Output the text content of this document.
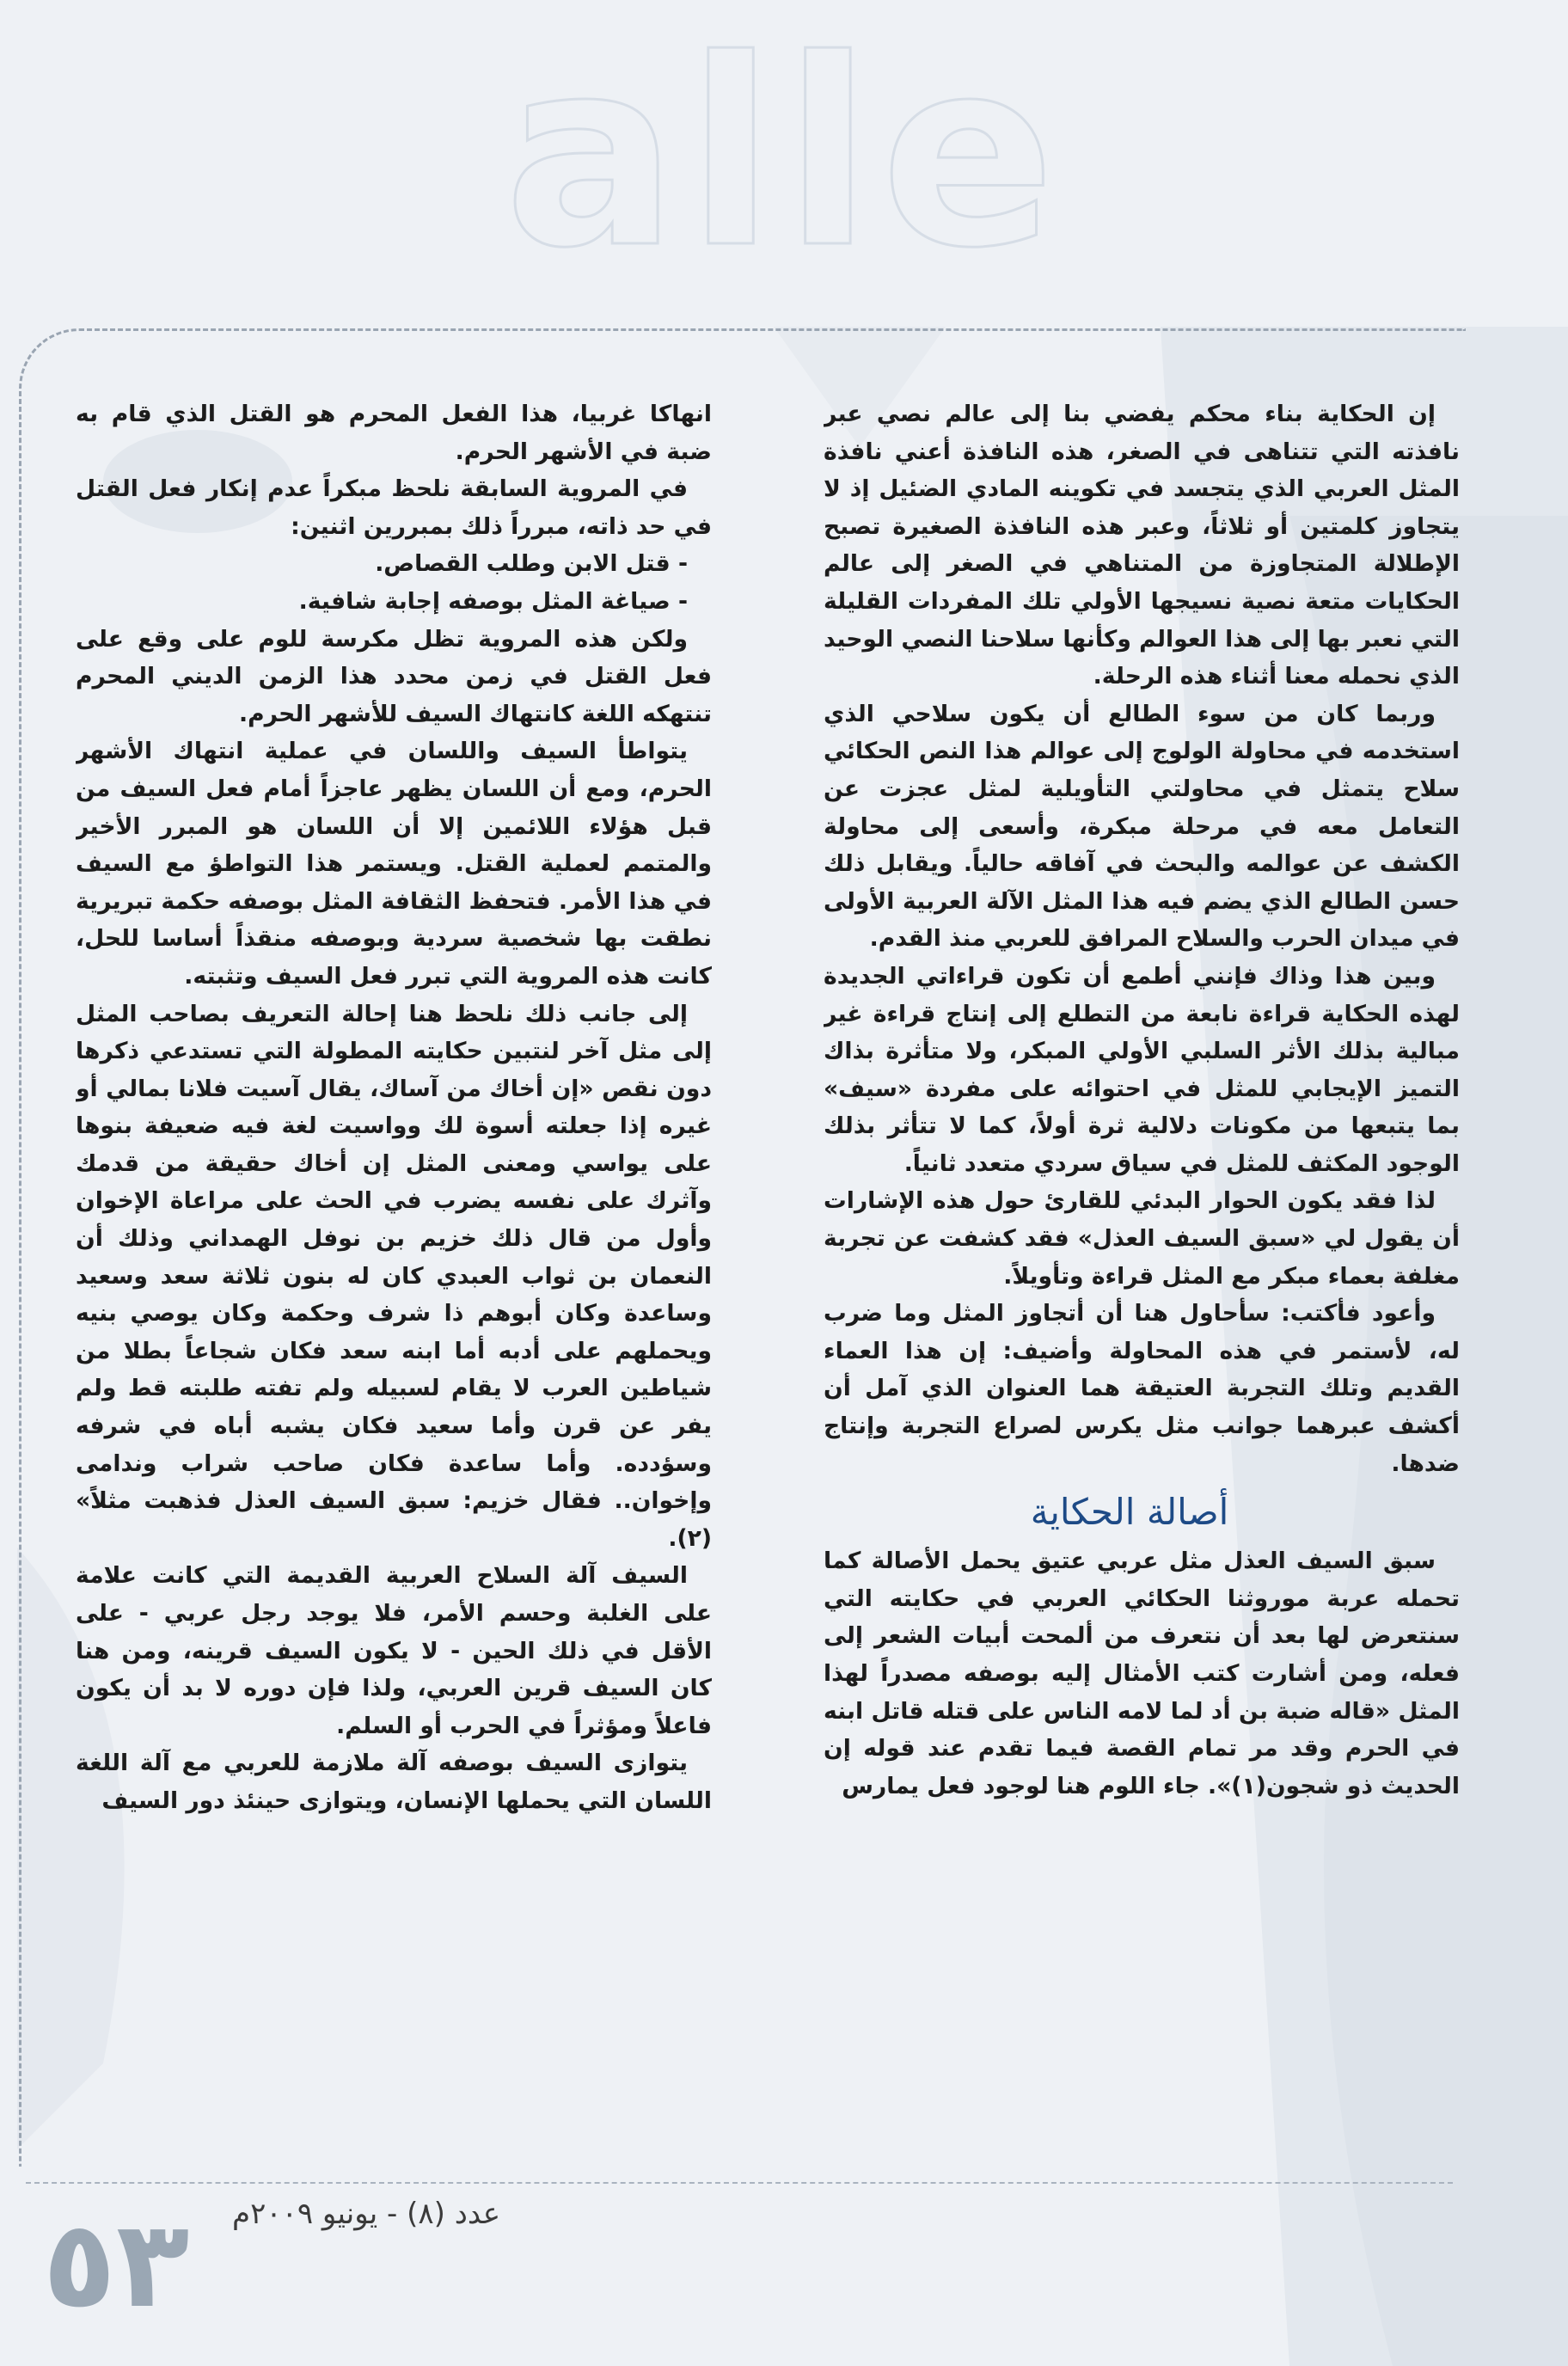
alle

إن الحكاية بناء محكم يفضي بنا إلى عالم نصي عبر نافذته التي تتناهى في الصغر، هذه النافذة أعني نافذة المثل العربي الذي يتجسد في تكوينه المادي الضئيل إذ لا يتجاوز كلمتين أو ثلاثاً، وعبر هذه النافذة الصغيرة تصبح الإطلالة المتجاوزة من المتناهي في الصغر إلى عالم الحكايات متعة نصية نسيجها الأولي تلك المفردات القليلة التي نعبر بها إلى هذا العوالم وكأنها سلاحنا النصي الوحيد الذي نحمله معنا أثناء هذه الرحلة.

وربما كان من سوء الطالع أن يكون سلاحي الذي استخدمه في محاولة الولوج إلى عوالم هذا النص الحكائي سلاح يتمثل في محاولتي التأويلية لمثل عجزت عن التعامل معه في مرحلة مبكرة، وأسعى إلى محاولة الكشف عن عوالمه والبحث في آفاقه حالياً. ويقابل ذلك حسن الطالع الذي يضم فيه هذا المثل الآلة العربية الأولى في ميدان الحرب والسلاح المرافق للعربي منذ القدم.

وبين هذا وذاك فإنني أطمع أن تكون قراءاتي الجديدة لهذه الحكاية قراءة نابعة من التطلع إلى إنتاج قراءة غير مبالية بذلك الأثر السلبي الأولي المبكر، ولا متأثرة بذاك التميز الإيجابي للمثل في احتوائه على مفردة «سيف» بما يتبعها من مكونات دلالية ثرة أولاً، كما لا تتأثر بذلك الوجود المكثف للمثل في سياق سردي متعدد ثانياً.

لذا فقد يكون الحوار البدئي للقارئ حول هذه الإشارات أن يقول لي «سبق السيف العذل» فقد كشفت عن تجربة مغلفة بعماء مبكر مع المثل قراءة وتأويلاً.

وأعود فأكتب: سأحاول هنا أن أتجاوز المثل وما ضرب له، لأستمر في هذه المحاولة وأضيف: إن هذا العماء القديم وتلك التجربة العتيقة هما العنوان الذي آمل أن أكشف عبرهما جوانب مثل يكرس لصراع التجربة وإنتاج ضدها.

أصالة الحكاية

سبق السيف العذل مثل عربي عتيق يحمل الأصالة كما تحمله عربة موروثنا الحكائي العربي في حكايته التي سنتعرض لها بعد أن نتعرف من ألمحت أبيات الشعر إلى فعله، ومن أشارت كتب الأمثال إليه بوصفه مصدراً لهذا المثل «قاله ضبة بن أد لما لامه الناس على قتله قاتل ابنه في الحرم وقد مر تمام القصة فيما تقدم عند قوله إن الحديث ذو شجون(١)». جاء اللوم هنا لوجود فعل يمارس

انهاكا غربيا، هذا الفعل المحرم هو القتل الذي قام به ضبة في الأشهر الحرم.

في المروية السابقة نلحظ مبكراً عدم إنكار فعل القتل في حد ذاته، مبرراً ذلك بمبررين اثنين:

- قتل الابن وطلب القصاص.

- صياغة المثل بوصفه إجابة شافية.

ولكن هذه المروية تظل مكرسة للوم على وقع على فعل القتل في زمن محدد هذا الزمن الديني المحرم تنتهكه اللغة كانتهاك السيف للأشهر الحرم.

يتواطأ السيف واللسان في عملية انتهاك الأشهر الحرم، ومع أن اللسان يظهر عاجزاً أمام فعل السيف من قبل هؤلاء اللائمين إلا أن اللسان هو المبرر الأخير والمتمم لعملية القتل. ويستمر هذا التواطؤ مع السيف في هذا الأمر. فتحفظ الثقافة المثل بوصفه حكمة تبريرية نطقت بها شخصية سردية وبوصفه منقذاً أساسا للحل، كانت هذه المروية التي تبرر فعل السيف وتثبته.

إلى جانب ذلك نلحظ هنا إحالة التعريف بصاحب المثل إلى مثل آخر لنتبين حكايته المطولة التي تستدعي ذكرها دون نقص «إن أخاك من آساك، يقال آسيت فلانا بمالي أو غيره إذا جعلته أسوة لك وواسيت لغة فيه ضعيفة بنوها على يواسي ومعنى المثل إن أخاك حقيقة من قدمك وآثرك على نفسه يضرب في الحث على مراعاة الإخوان وأول من قال ذلك خزيم بن نوفل الهمداني وذلك أن النعمان بن ثواب العبدي كان له بنون ثلاثة سعد وسعيد وساعدة وكان أبوهم ذا شرف وحكمة وكان يوصي بنيه ويحملهم على أدبه أما ابنه سعد فكان شجاعاً بطلا من شياطين العرب لا يقام لسبيله ولم تفته طلبته قط ولم يفر عن قرن وأما سعيد فكان يشبه أباه في شرفه وسؤدده. وأما ساعدة فكان صاحب شراب وندامى وإخوان.. فقال خزيم: سبق السيف العذل فذهبت مثلاً» (٢).

السيف آلة السلاح العربية القديمة التي كانت علامة على الغلبة وحسم الأمر، فلا يوجد رجل عربي - على الأقل في ذلك الحين - لا يكون السيف قرينه، ومن هنا كان السيف قرين العربي، ولذا فإن دوره لا بد أن يكون فاعلاً ومؤثراً في الحرب أو السلم.

يتوازى السيف بوصفه آلة ملازمة للعربي مع آلة اللغة اللسان التي يحملها الإنسان، ويتوازى حينئذ دور السيف

عدد (٨) - يونيو ٢٠٠٩م
٥٣
